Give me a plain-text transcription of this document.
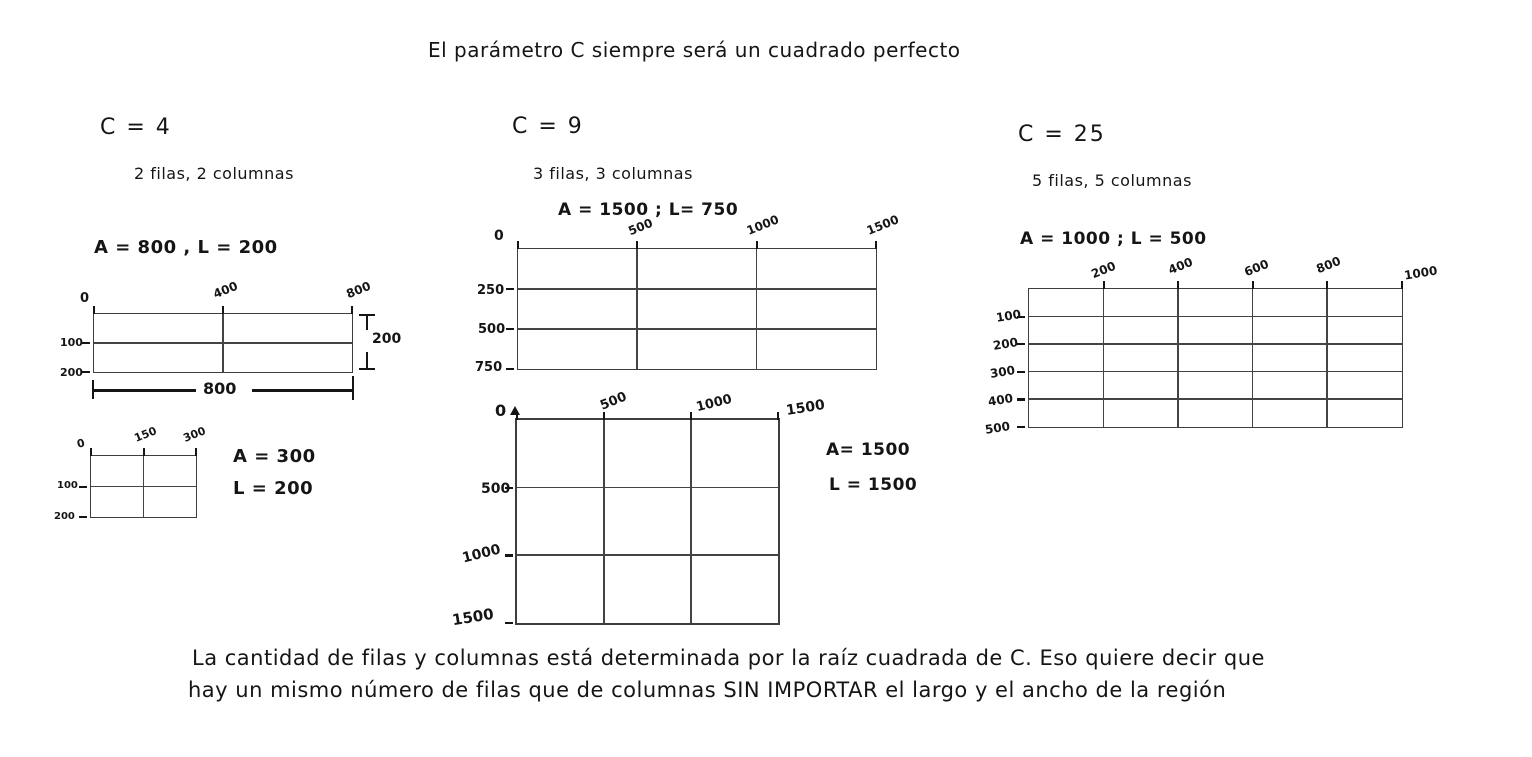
El parámetro C siempre será un cuadrado perfecto
C = 4
2 filas, 2 columnas
A = 800 , L = 200
0	400	800
100
200
200
800
0	150 300
100
200
A = 300
L = 200
C = 9
3 filas, 3 columnas
A = 1500 ; L= 750
0	500	1000	1500
250
500
750
0	500	1000	1500
500
1000
1500
A= 1500
L = 1500
C = 25
5 filas, 5 columnas
A = 1000 ; L = 500
200	400	600	800	1000
100
200
300
400
500
La cantidad de filas y columnas está determinada por la raíz cuadrada de C. Eso quiere decir que
hay un mismo número de filas que de columnas SIN IMPORTAR el largo y el ancho de la región
